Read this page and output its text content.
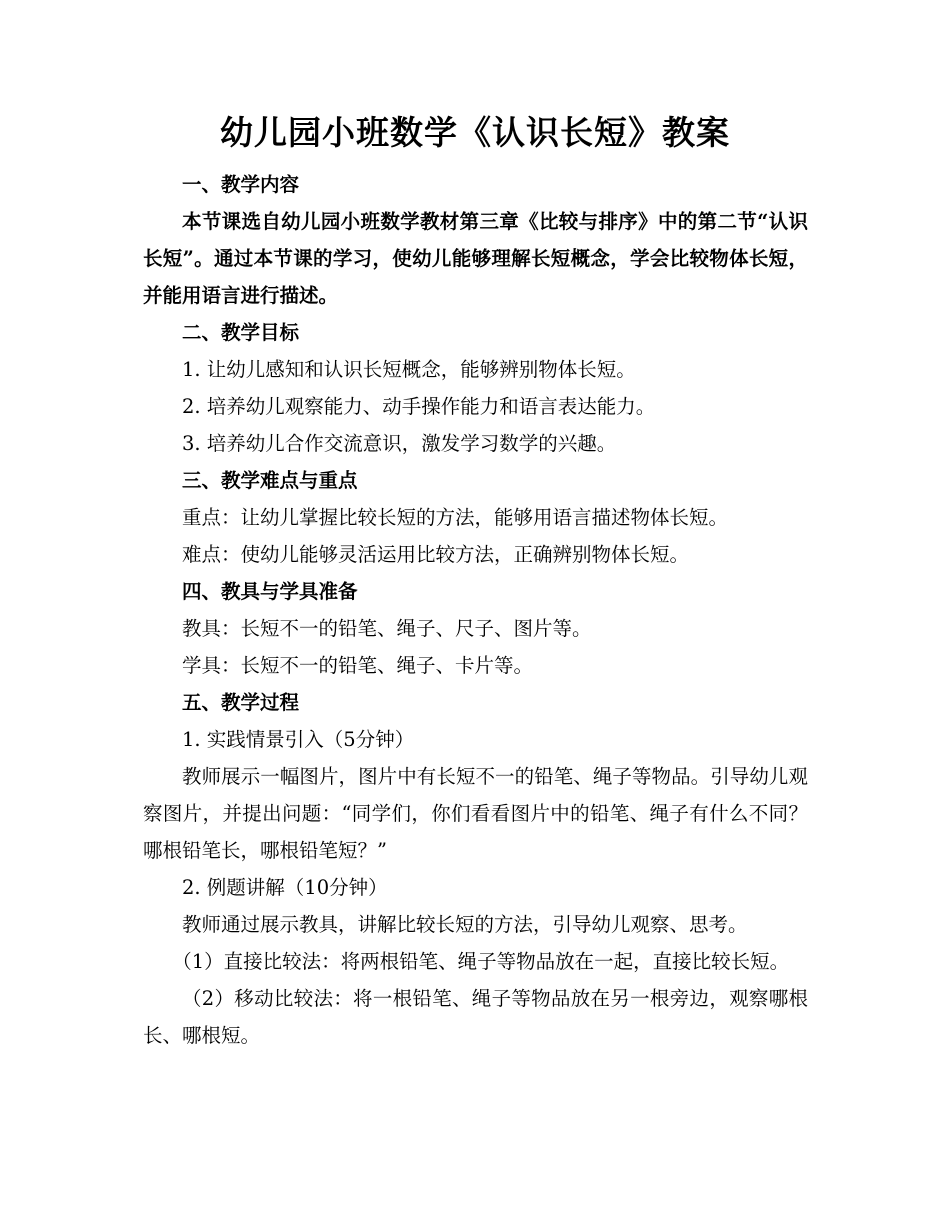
幼儿园小班数学《认识长短》教案

一、教学内容

本节课选自幼儿园小班数学教材第三章《比较与排序》中的第二节“认识长短”。通过本节课的学习，使幼儿能够理解长短概念，学会比较物体长短，并能用语言进行描述。

二、教学目标

1. 让幼儿感知和认识长短概念，能够辨别物体长短。

2. 培养幼儿观察能力、动手操作能力和语言表达能力。

3. 培养幼儿合作交流意识，激发学习数学的兴趣。

三、教学难点与重点

重点：让幼儿掌握比较长短的方法，能够用语言描述物体长短。

难点：使幼儿能够灵活运用比较方法，正确辨别物体长短。

四、教具与学具准备

教具：长短不一的铅笔、绳子、尺子、图片等。

学具：长短不一的铅笔、绳子、卡片等。

五、教学过程

1. 实践情景引入（5分钟）

教师展示一幅图片，图片中有长短不一的铅笔、绳子等物品。引导幼儿观察图片，并提出问题：“同学们，你们看看图片中的铅笔、绳子有什么不同？哪根铅笔长，哪根铅笔短？”

2. 例题讲解（10分钟）

教师通过展示教具，讲解比较长短的方法，引导幼儿观察、思考。

（1）直接比较法：将两根铅笔、绳子等物品放在一起，直接比较长短。

（2）移动比较法：将一根铅笔、绳子等物品放在另一根旁边，观察哪根长、哪根短。
